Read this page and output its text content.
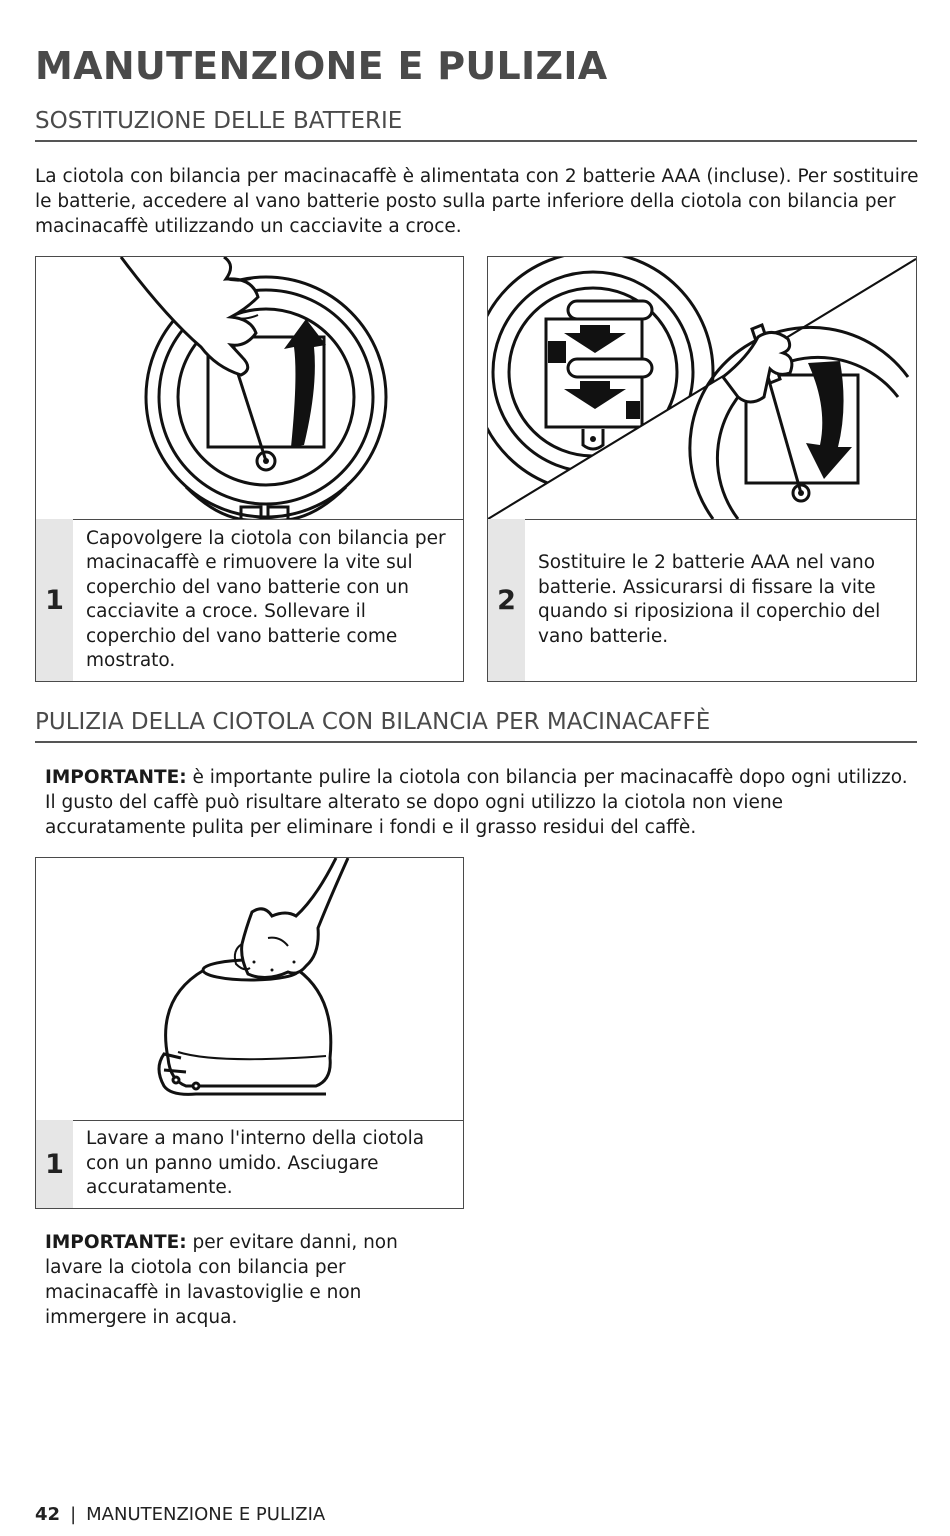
MANUTENZIONE E PULIZIA
SOSTITUZIONE DELLE BATTERIE

La ciotola con bilancia per macinacaffè è alimentata con 2 batterie AAA (incluse). Per sostituire le batterie, accedere al vano batterie posto sulla parte inferiore della ciotola con bilancia per macinacaffè utilizzando un cacciavite a croce.

1
Capovolgere la ciotola con bilancia per macinacaffè e rimuovere la vite sul coperchio del vano batterie con un cacciavite a croce. Sollevare il coperchio del vano batterie come mostrato.
2
Sostituire le 2 batterie AAA nel vano batterie. Assicurarsi di fissare la vite quando si riposiziona il coperchio del vano batterie.
PULIZIA DELLA CIOTOLA CON BILANCIA PER MACINACAFFÈ

IMPORTANTE: è importante pulire la ciotola con bilancia per macinacaffè dopo ogni utilizzo. Il gusto del caffè può risultare alterato se dopo ogni utilizzo la ciotola non viene accuratamente pulita per eliminare i fondi e il grasso residui del caffè.

1
Lavare a mano l'interno della ciotola con un panno umido. Asciugare accuratamente.

IMPORTANTE: per evitare danni, non lavare la ciotola con bilancia per macinacaffè in lavastoviglie e non immergere in acqua.

42 | MANUTENZIONE E PULIZIA
